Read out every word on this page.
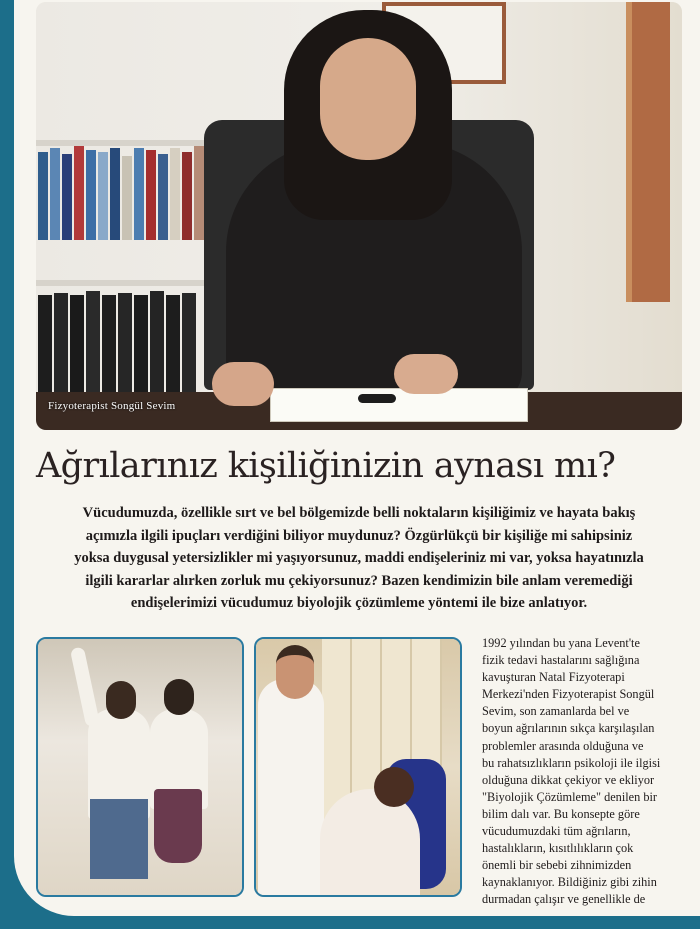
Fizyoterapist Songül Sevim
Ağrılarınız kişiliğinizin aynası mı?
Vücudumuzda, özellikle sırt ve bel bölgemizde belli noktaların kişiliğimiz ve hayata bakış
açımızla ilgili ipuçları verdiğini biliyor muydunuz? Özgürlükçü bir kişiliğe mi sahipsiniz
yoksa duygusal yetersizlikler mi yaşıyorsunuz, maddi endişeleriniz mi var, yoksa hayatınızla
ilgili kararlar alırken zorluk mu çekiyorsunuz? Bazen kendimizin bile anlam veremediği
endişelerimizi vücudumuz biyolojik çözümleme yöntemi ile bize anlatıyor.
1992 yılından bu yana Levent'te
fizik tedavi hastalarını sağlığına
kavuşturan Natal Fizyoterapi
Merkezi'nden Fizyoterapist Songül
Sevim, son zamanlarda bel ve
boyun ağrılarının sıkça karşılaşılan
problemler arasında olduğuna ve
bu rahatsızlıkların psikoloji ile ilgisi
olduğuna dikkat çekiyor ve ekliyor
"Biyolojik Çözümleme" denilen bir
bilim dalı var. Bu konsepte göre
vücudumuzdaki tüm ağrıların,
hastalıkların, kısıtlılıkların çok
önemli bir sebebi zihnimizden
kaynaklanıyor. Bildiğiniz gibi zihin
durmadan çalışır ve genellikle de
